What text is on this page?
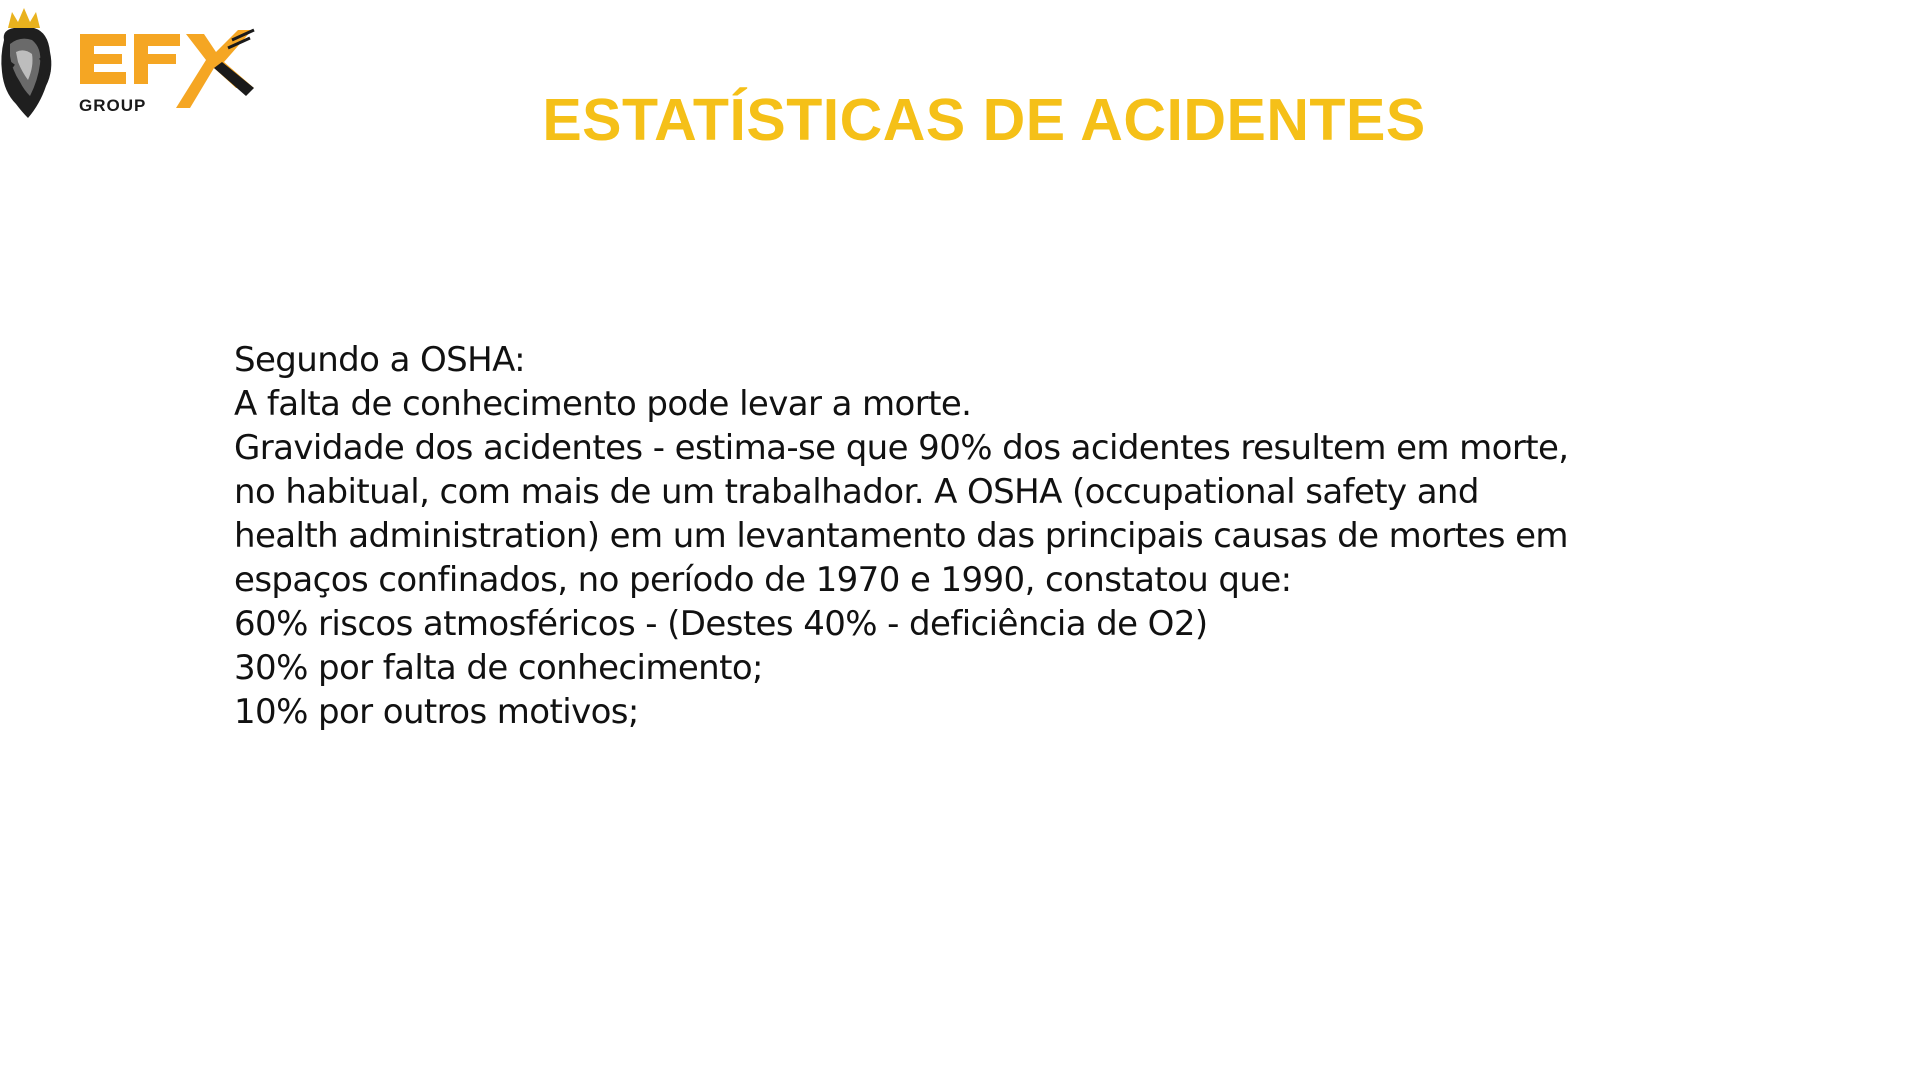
GROUP	ESTATÍSTICAS DE ACIDENTES
Segundo a OSHA:
A falta de conhecimento pode levar a morte.
Gravidade dos acidentes - estima-se que 90% dos acidentes resultem em morte,
no habitual, com mais de um trabalhador. A OSHA (occupational safety and
health administration) em um levantamento das principais causas de mortes em
espaços confinados, no período de 1970 e 1990, constatou que:
60% riscos atmosféricos - (Destes 40% - deficiência de O2)
30% por falta de conhecimento;
10% por outros motivos;
